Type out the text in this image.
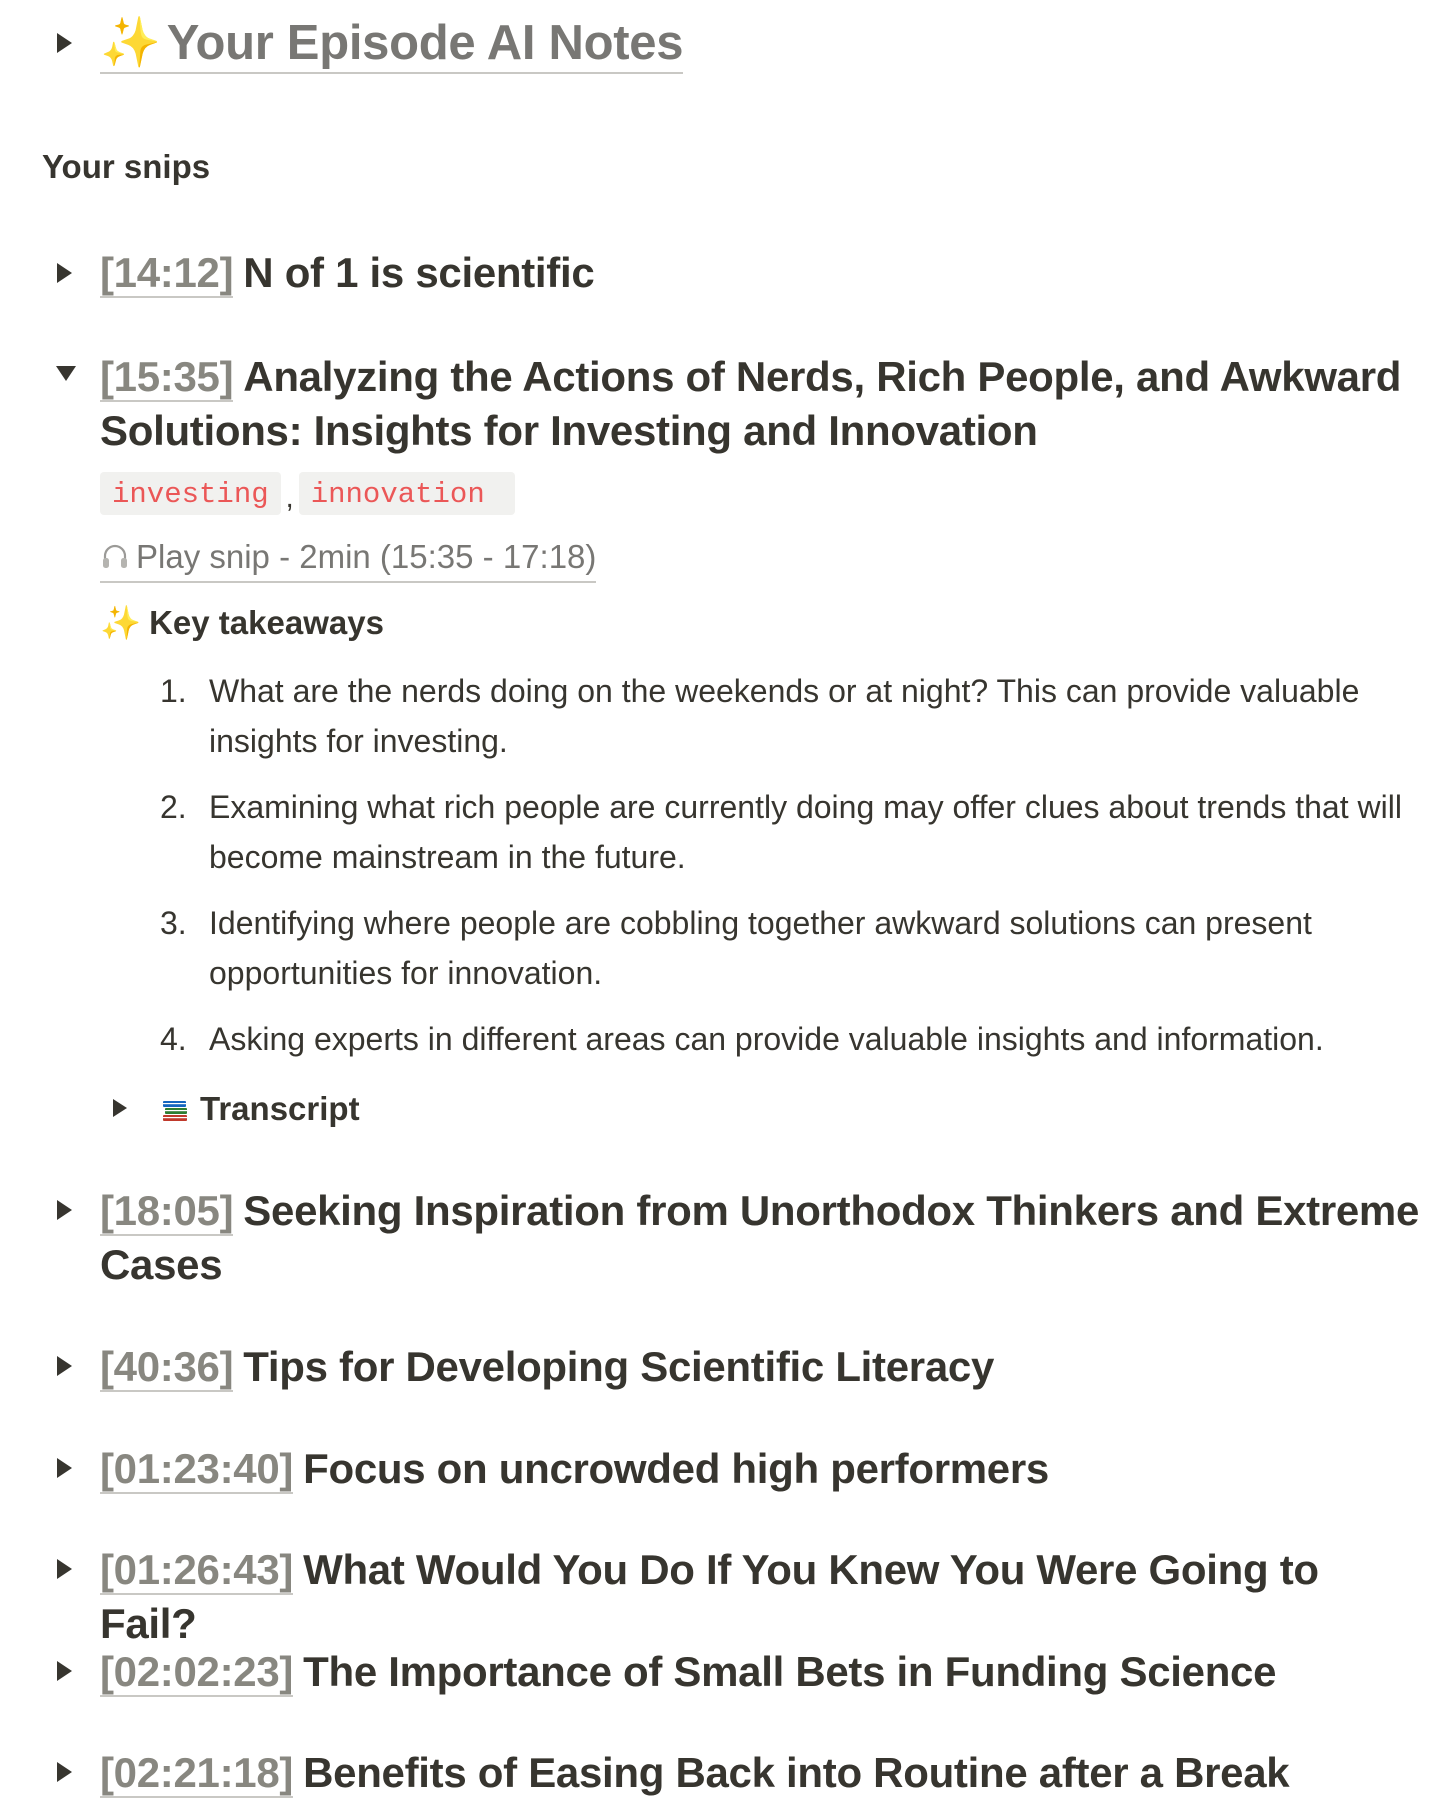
✨ Your Episode AI Notes
Your snips
[14:12] N of 1 is scientific
[15:35] Analyzing the Actions of Nerds, Rich People, and Awkward Solutions: Insights for Investing and Innovation
investing , innovation
Play snip - 2min (15:35 - 17:18)
✨ Key takeaways
1. What are the nerds doing on the weekends or at night? This can provide valuable insights for investing.
2. Examining what rich people are currently doing may offer clues about trends that will become mainstream in the future.
3. Identifying where people are cobbling together awkward solutions can present opportunities for innovation.
4. Asking experts in different areas can provide valuable insights and information.
Transcript
[18:05] Seeking Inspiration from Unorthodox Thinkers and Extreme Cases
[40:36] Tips for Developing Scientific Literacy
[01:23:40] Focus on uncrowded high performers
[01:26:43] What Would You Do If You Knew You Were Going to Fail?
[02:02:23] The Importance of Small Bets in Funding Science
[02:21:18] Benefits of Easing Back into Routine after a Break
